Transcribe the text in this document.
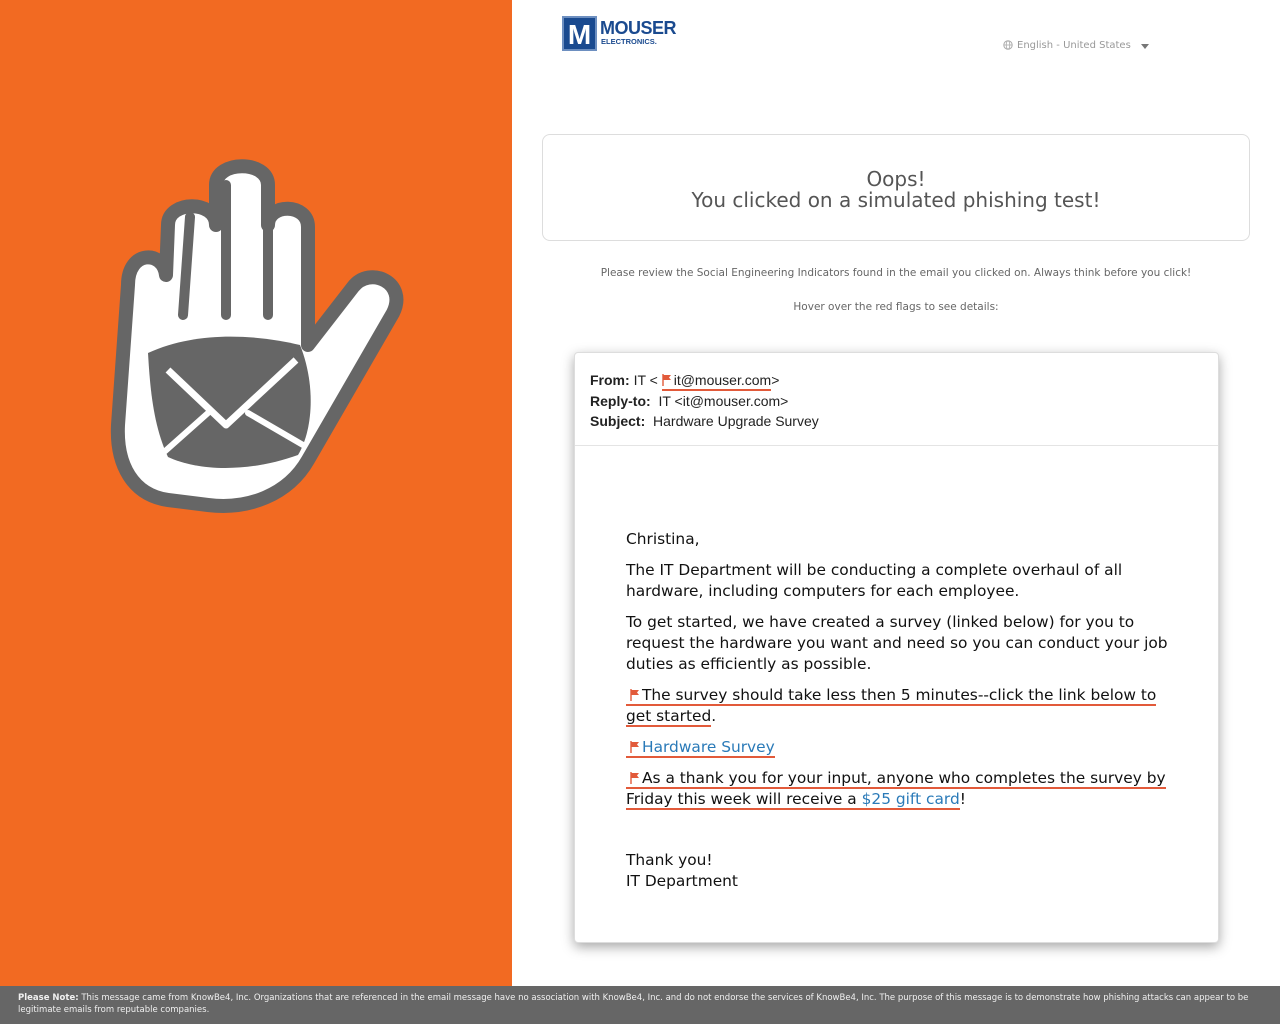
M MOUSER
ELECTRONICS.	English - United States
Oops!
You clicked on a simulated phishing test!
Please review the Social Engineering Indicators found in the email you clicked on. Always think before you click!
Hover over the red flags to see details:
From: IT < it@mouser.com>
Reply-to: IT <it@mouser.com>
Subject: Hardware Upgrade Survey

Christina,

The IT Department will be conducting a complete overhaul of all hardware, including computers for each employee.

To get started, we have created a survey (linked below) for you to request the hardware you want and need so you can conduct your job duties as efficiently as possible.

The survey should take less then 5 minutes--click the link below to get started.

Hardware Survey

As a thank you for your input, anyone who completes the survey by Friday this week will receive a $25 gift card!

Thank you!

IT Department

Please Note: This message came from KnowBe4, Inc. Organizations that are referenced in the email message have no association with KnowBe4, Inc. and do not endorse the services of KnowBe4, Inc. The purpose of this message is to demonstrate how phishing attacks can appear to be legitimate emails from reputable companies.
